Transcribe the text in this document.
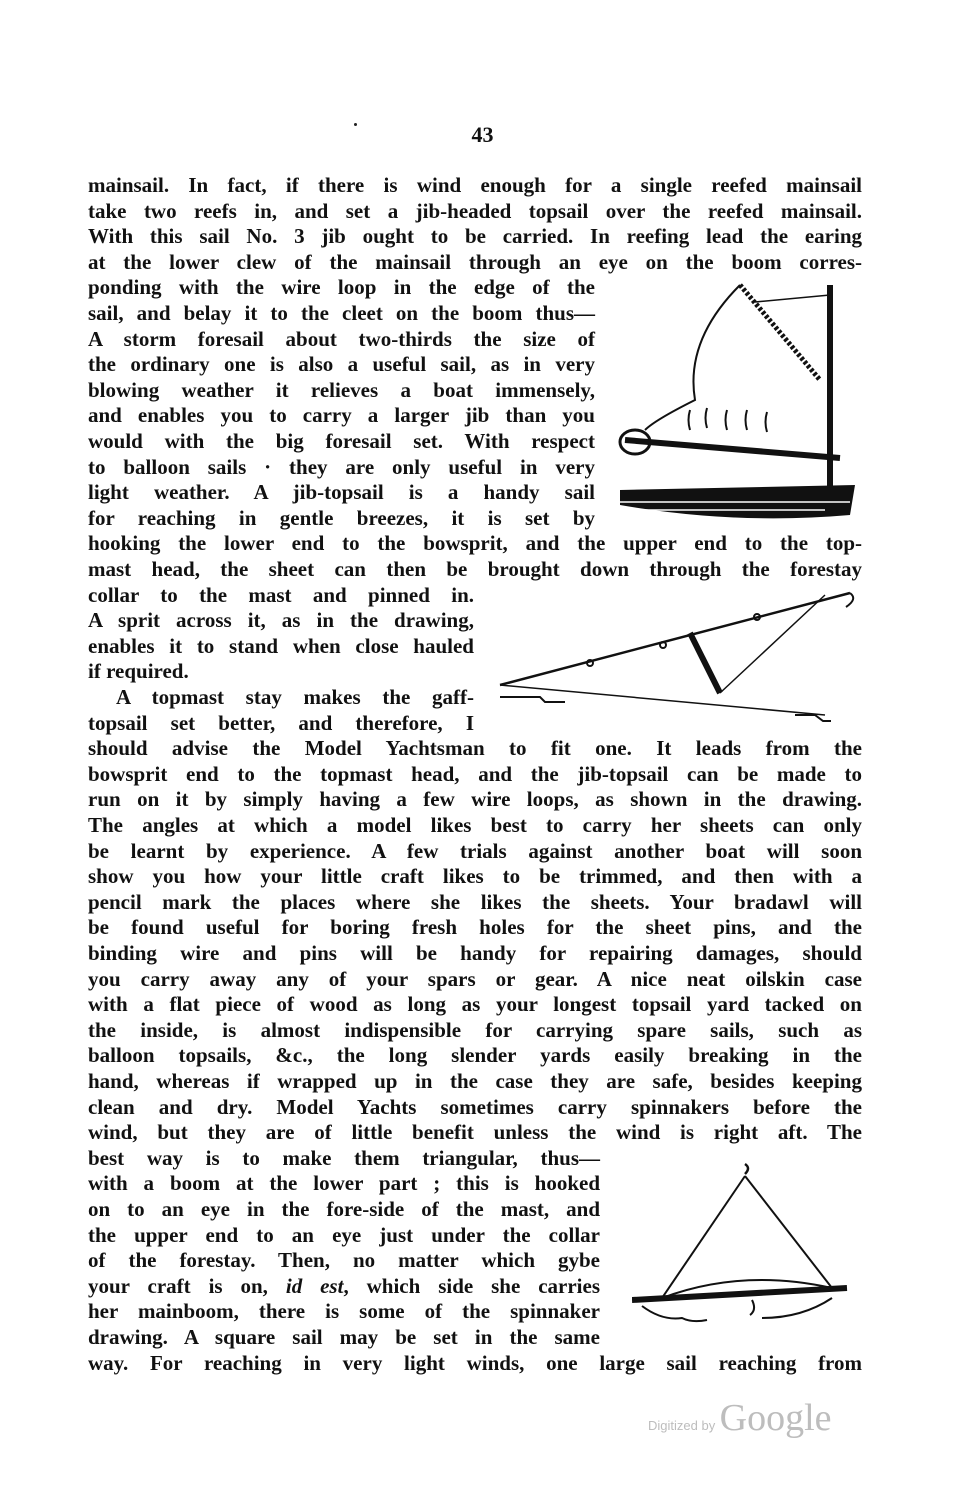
43
mainsail. In fact, if there is wind enough for a single reefed mainsail
take two reefs in, and set a jib-headed topsail over the reefed mainsail.
With this sail No. 3 jib ought to be carried. In reefing lead the earing
at the lower clew of the mainsail through an eye on the boom corres-
ponding with the wire loop in the edge of the
sail, and belay it to the cleet on the boom thus—
A storm foresail about two-thirds the size of
the ordinary one is also a useful sail, as in very
blowing weather it relieves a boat immensely,
and enables you to carry a larger jib than you
would with the big foresail set. With respect
to balloon sails · they are only useful in very
light weather. A jib-topsail is a handy sail
for reaching in gentle breezes, it is set by
hooking the lower end to the bowsprit, and the upper end to the top-
mast head, the sheet can then be brought down through the forestay
collar to the mast and pinned in.
A sprit across it, as in the drawing,
enables it to stand when close hauled
if required.
A topmast stay makes the gaff-
topsail set better, and therefore, I
should advise the Model Yachtsman to fit one. It leads from the
bowsprit end to the topmast head, and the jib-topsail can be made to
run on it by simply having a few wire loops, as shown in the drawing.
The angles at which a model likes best to carry her sheets can only
be learnt by experience. A few trials against another boat will soon
show you how your little craft likes to be trimmed, and then with a
pencil mark the places where she likes the sheets. Your bradawl will
be found useful for boring fresh holes for the sheet pins, and the
binding wire and pins will be handy for repairing damages, should
you carry away any of your spars or gear. A nice neat oilskin case
with a flat piece of wood as long as your longest topsail yard tacked on
the inside, is almost indispensible for carrying spare sails, such as
balloon topsails, &c., the long slender yards easily breaking in the
hand, whereas if wrapped up in the case they are safe, besides keeping
clean and dry. Model Yachts sometimes carry spinnakers before the
wind, but they are of little benefit unless the wind is right aft. The
best way is to make them triangular, thus—
with a boom at the lower part ; this is hooked
on to an eye in the fore-side of the mast, and
the upper end to an eye just under the collar
of the forestay. Then, no matter which gybe
your craft is on, id est, which side she carries
her mainboom, there is some of the spinnaker
drawing. A square sail may be set in the same
way. For reaching in very light winds, one large sail reaching from
Digitized by Google
